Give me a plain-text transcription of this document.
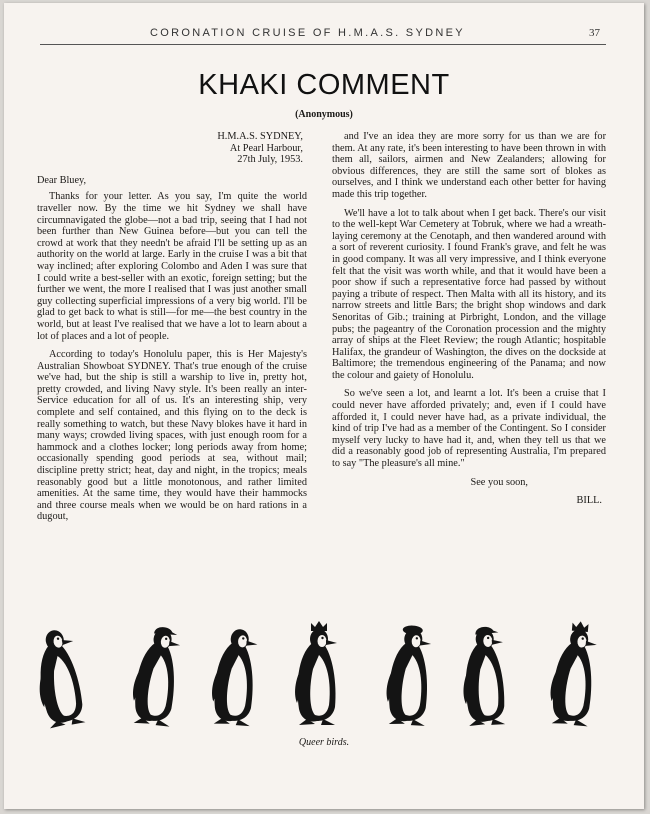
CORONATION CRUISE OF H.M.A.S. SYDNEY	37
KHAKI COMMENT
(Anonymous)
H.M.A.S. SYDNEY,
At Pearl Harbour,
27th July, 1953.

Dear Bluey,

Thanks for your letter. As you say, I'm quite the world traveller now. By the time we hit Sydney we shall have circumnavigated the globe—not a bad trip, seeing that I had not been further than New Guinea before—but you can tell the crowd at work that they needn't be afraid I'll be setting up as an authority on the world at large. Early in the cruise I was a bit that way inclined; after exploring Colombo and Aden I was sure that I could write a best-seller with an exotic, foreign setting; but the further we went, the more I realised that I was just another small guy collecting superficial impressions of a very big world. I'll be glad to get back to what is still—for me—the best country in the world, but at least I've realised that we have a lot to learn about a lot of places and a lot of people.

According to today's Honolulu paper, this is Her Majesty's Australian Showboat SYDNEY. That's true enough of the cruise we've had, but the ship is still a warship to live in, pretty hot, pretty crowded, and living Navy style. It's been really an inter-Service education for all of us. It's an interesting ship, very complete and self contained, and this flying on to the deck is really something to watch, but these Navy blokes have it hard in many ways; crowded living spaces, with just enough room for a hammock and a clothes locker; long periods away from home; occasionally spending good periods at sea, without mail; discipline pretty strict; heat, day and night, in the tropics; meals reasonably good but a little monotonous, and rather limited amenities. At the same time, they would have their hammocks and three course meals when we would be on hard rations in a dugout,

and I've an idea they are more sorry for us than we are for them. At any rate, it's been interesting to have been thrown in with them all, sailors, airmen and New Zealanders; allowing for obvious differences, they are still the same sort of blokes as ourselves, and I think we understand each other better for having made this trip together.

We'll have a lot to talk about when I get back. There's our visit to the well-kept War Cemetery at Tobruk, where we had a wreath-laying ceremony at the Cenotaph, and then wandered around with a sort of reverent curiosity. I found Frank's grave, and felt he was in good company. It was all very impressive, and I think everyone felt that the visit was worth while, and that it would have been a poor show if such a representative force had passed by without paying a tribute of respect. Then Malta with all its history, and its narrow streets and little Bars; the bright shop windows and dark Senoritas of Gib.; training at Pirbright, London, and the village pubs; the pageantry of the Coronation procession and the mighty array of ships at the Fleet Review; the rough Atlantic; hospitable Halifax, the grandeur of Washington, the dives on the dockside at Baltimore; the tremendous engineering of the Panama; and now the colour and gaiety of Honolulu.

So we've seen a lot, and learnt a lot. It's been a cruise that I could never have afforded privately; and, even if I could have afforded it, I could never have had, as a private individual, the kind of trip I've had as a member of the Contingent. So I consider myself very lucky to have had it, and, when they tell us that we did a reasonably good job of representing Australia, I'm prepared to say "The pleasure's all mine."

See you soon,

BILL.

Queer birds.
